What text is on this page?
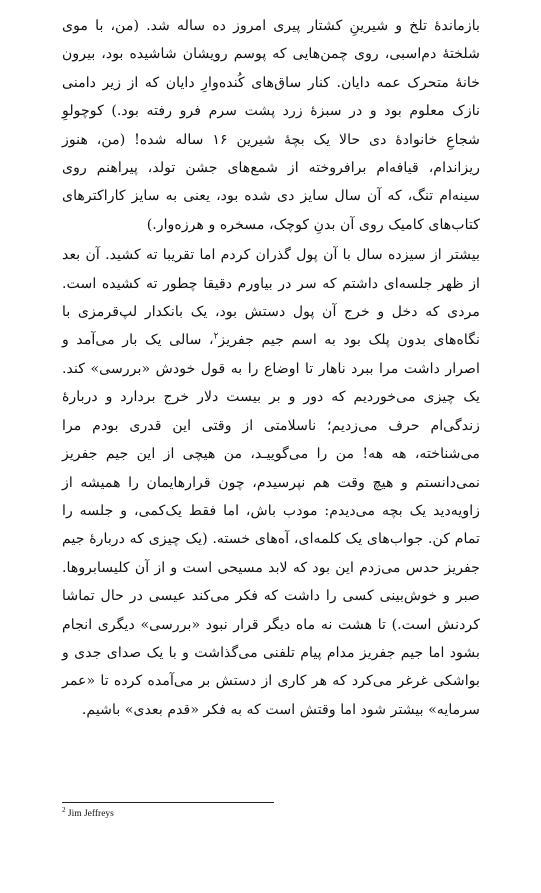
بازماندهٔ تلخ و شیرینِ کشتار پیری امروز ده ساله شد. (من، با موی شلختهٔ دم‌اسبی، روی چمن‌هایی که پوسم رویشان شاشیده بود، بیرون خانهٔ متحرک عمه دایان. کنار ساق‌های کُنده‌وارِ دایان که از زیر دامنی نازک معلوم بود و در سبزهٔ زرد پشت سرم فرو رفته بود.) کوچولوِ شجاعِ خانوادهٔ دی حالا یک بچهٔ شیرین ۱۶ ساله شده! (من، هنوز ریزاندام، قیافه‌ام برافروخته از شمع‌های جشن تولد، پیراهنم روی سینه‌ام تنگ، که آن سال سایز دی شده بود، یعنی به سایز کاراکترهای کتاب‌های کامیک روی آن بدنِ کوچک، مسخره و هرزه‌وار.)

بیشتر از سیزده سال با آن پول گذران کردم اما تقریبا ته کشید. آن بعد از ظهر جلسه‌ای داشتم که سر در بیاورم دقیقا چطور ته کشیده است. مردی که دخل و خرج آن پول دستش بود، یک بانکدار لپ‌قرمزی با نگاه‌های بدون پلک بود به اسم جیم جفریز$^۲$، سالی یک بار می‌آمد و اصرار داشت مرا ببرد ناهار تا اوضاع را به قول خودش «بررسی» کند. یک چیزی می‌خوردیم که دور و بر بیست دلار خرج بردارد و دربارهٔ زندگی‌ام حرف می‌زدیم؛ ناسلامتی از وقتی این قدری بودم مرا می‌شناخته، هه هه! من را می‌گوییـد، من هیچی از این جیم جفریز نمی‌دانستم و هیچ وقت هم نپرسیدم، چون قرارهایمان را همیشه از زاویه‌دید یک بچه می‌دیدم: مودب باش، اما فقط یک‌کمی، و جلسه را تمام کن. جواب‌های یک کلمه‌ای، آه‌های خسته. (یک چیزی که دربارهٔ جیم جفریز حدس می‌زدم این بود که لابد مسیحی است و از آن کلیسابروها. صبر و خوش‌بینی کسی را داشت که فکر می‌کند عیسی در حال تماشا کردنش است.) تا هشت نه ماه دیگر قرار نبود «بررسی» دیگری انجام بشود اما جیم جفریز مدام پیام تلفنی می‌گذاشت و با یک صدای جدی و بواشکی غرغر می‌کرد که هر کاری از دستش بر می‌آمده کرده تا «عمر سرمایه» بیشتر شود اما وقتش است که به فکر «قدم بعدی» باشیم.

$^2$ Jim Jeffreys
